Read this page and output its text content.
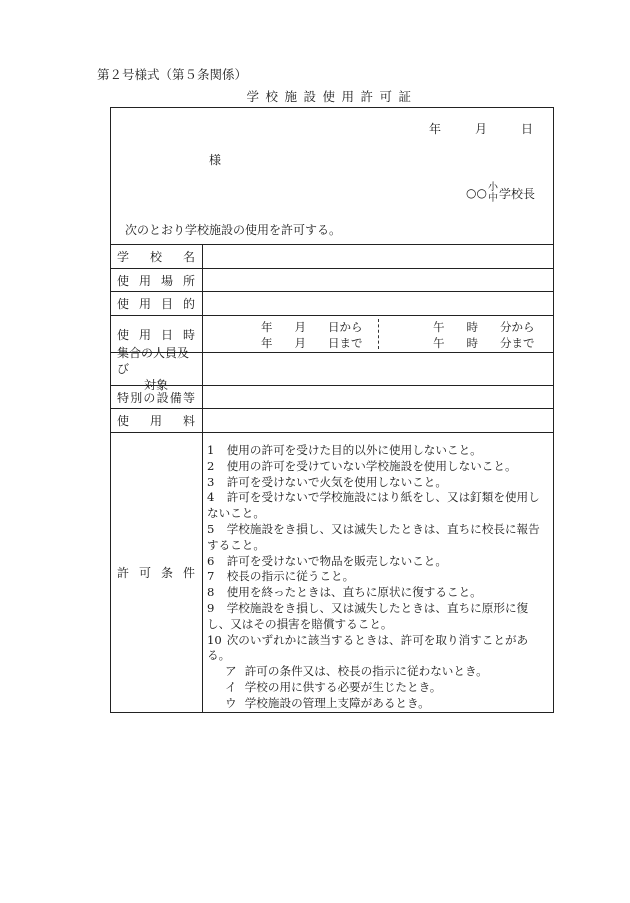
第２号様式（第５条関係）
学校施設使用許可証
年	月	日
様
○○ 小
中 学校長
次のとおり学校施設の使用を許可する。
学 校 名
使 用 場 所
使 用 目 的
使 用 日 時
年 月 日から
年 月 日まで
午 時 分から
午 時 分まで
集合の人員及び
対 象
特 別 の 設 備 等
使 用 料
許 可 条 件
1 使用の許可を受けた目的以外に使用しないこと。
2 使用の許可を受けていない学校施設を使用しないこと。
3 許可を受けないで火気を使用しないこと。
4 許可を受けないで学校施設にはり紙をし、又は釘類を使用しないこと。
5 学校施設をき損し、又は滅失したときは、直ちに校長に報告すること。
6 許可を受けないで物品を販売しないこと。
7 校長の指示に従うこと。
8 使用を終ったときは、直ちに原状に復すること。
9 学校施設をき損し、又は滅失したときは、直ちに原形に復し、又はその損害を賠償すること。
10 次のいずれかに該当するときは、許可を取り消すことがある。
ア 許可の条件又は、校長の指示に従わないとき。
イ 学校の用に供する必要が生じたとき。
ウ 学校施設の管理上支障があるとき。
